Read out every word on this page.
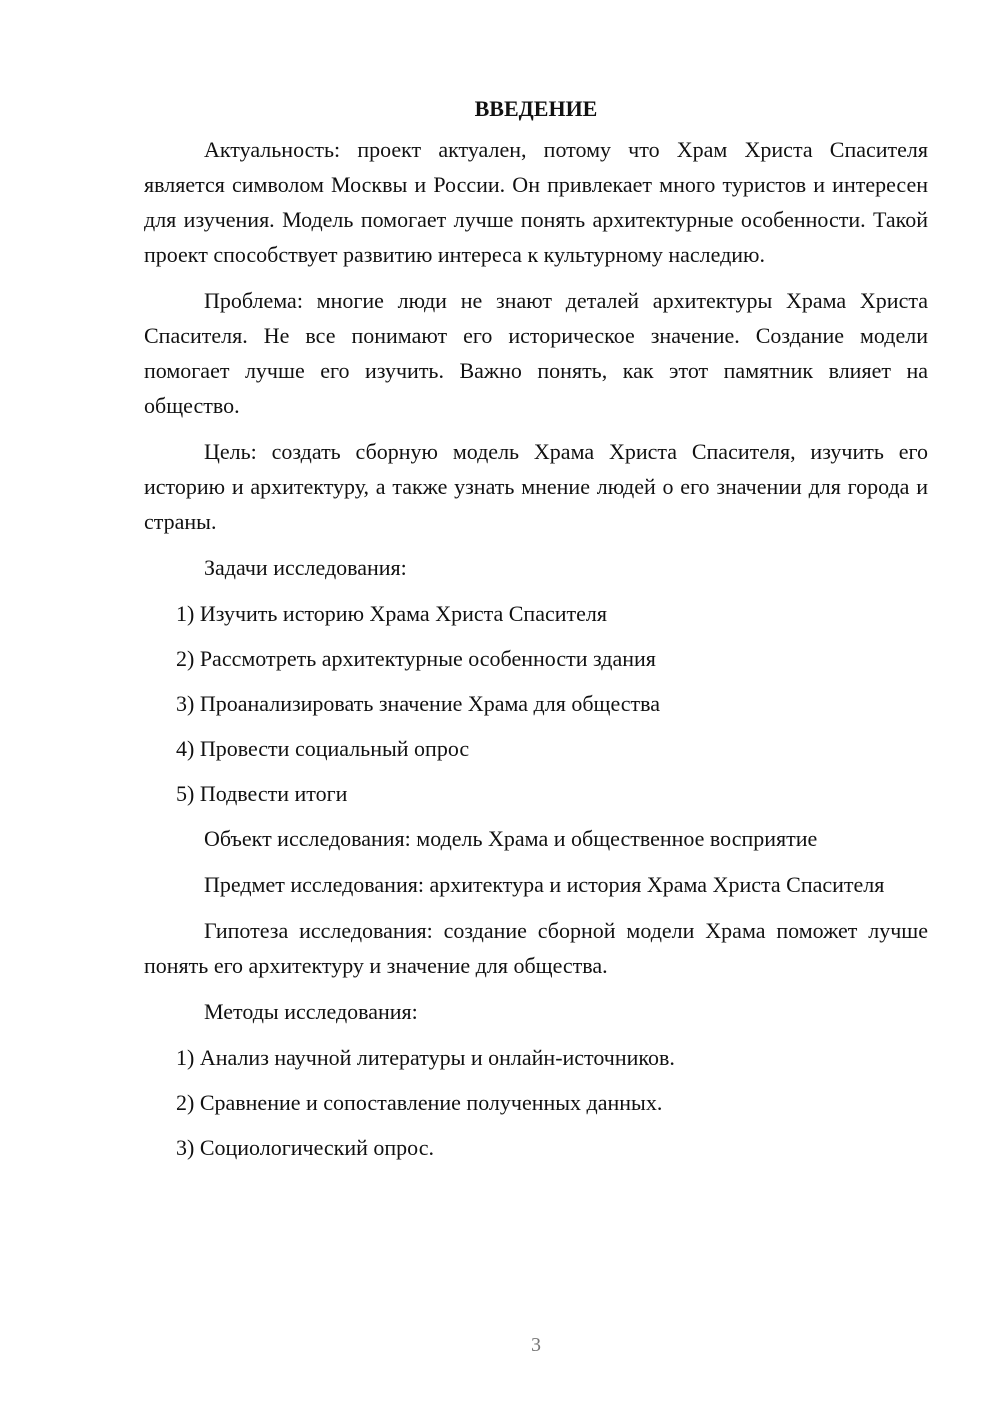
ВВЕДЕНИЕ

Актуальность: проект актуален, потому что Храм Христа Спасителя является символом Москвы и России. Он привлекает много туристов и интересен для изучения. Модель помогает лучше понять архитектурные особенности. Такой проект способствует развитию интереса к культурному наследию.

Проблема: многие люди не знают деталей архитектуры Храма Христа Спасителя. Не все понимают его историческое значение. Создание модели помогает лучше его изучить. Важно понять, как этот памятник влияет на общество.

Цель: создать сборную модель Храма Христа Спасителя, изучить его историю и архитектуру, а также узнать мнение людей о его значении для города и страны.

Задачи исследования:
1) Изучить историю Храма Христа Спасителя
2) Рассмотреть архитектурные особенности здания
3) Проанализировать значение Храма для общества
4) Провести социальный опрос
5) Подвести итоги

Объект исследования: модель Храма и общественное восприятие

Предмет исследования: архитектура и история Храма Христа Спасителя

Гипотеза исследования: создание сборной модели Храма поможет лучше понять его архитектуру и значение для общества.

Методы исследования:
1) Анализ научной литературы и онлайн-источников.
2) Сравнение и сопоставление полученных данных.
3) Социологический опрос.
3
